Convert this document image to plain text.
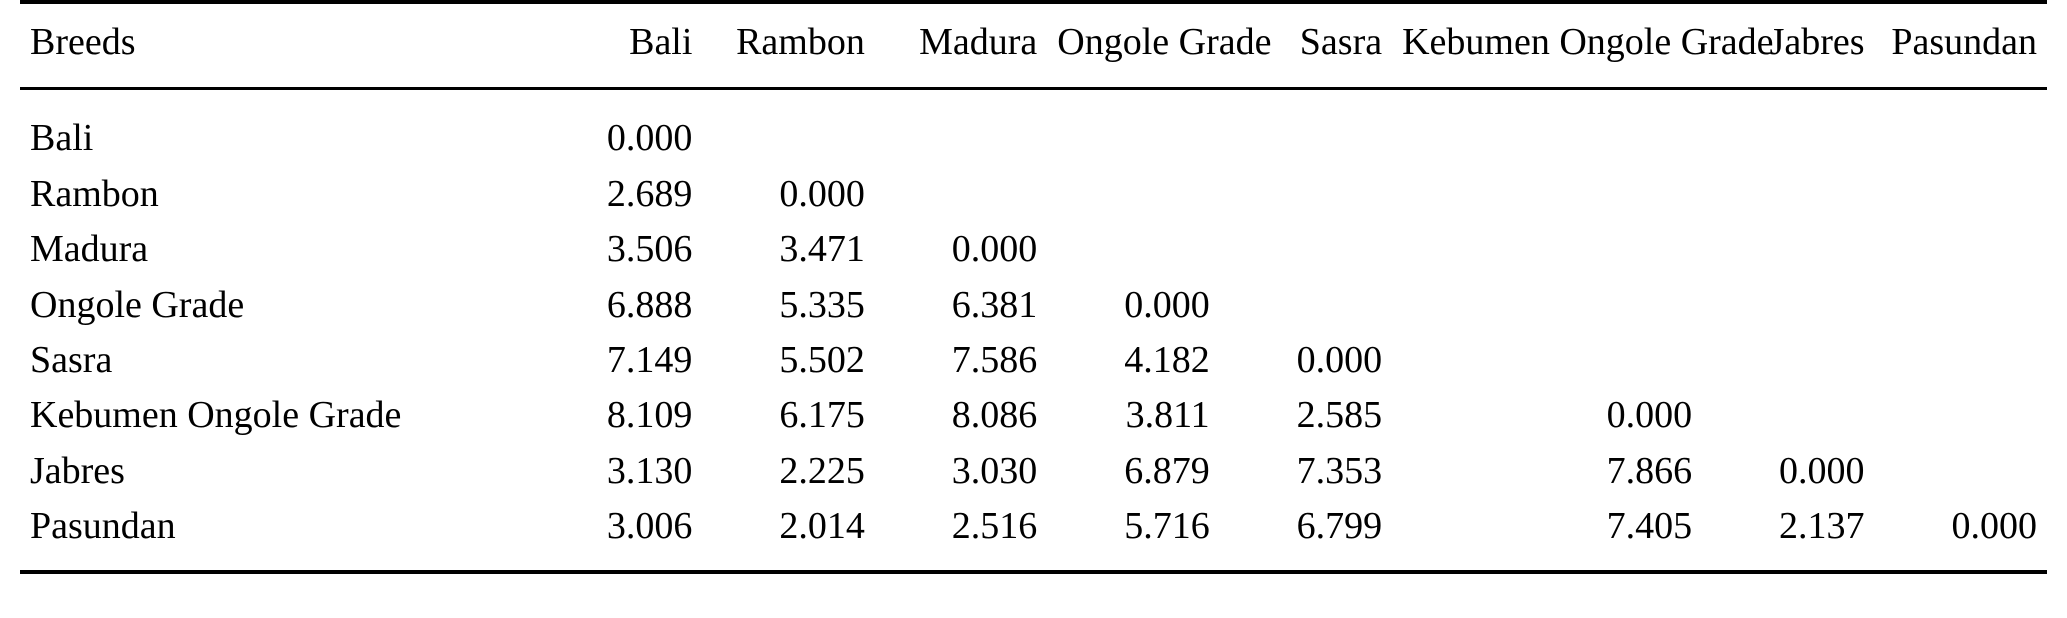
Breeds	Bali	Rambon	Madura	Ongole Grade	Sasra	Kebumen Ongole Grade	Jabres	Pasundan

Bali	0.000							
Rambon	2.689	0.000						
Madura	3.506	3.471	0.000					
Ongole Grade	6.888	5.335	6.381	0.000				
Sasra	7.149	5.502	7.586	4.182	0.000			
Kebumen Ongole Grade	8.109	6.175	8.086	3.811	2.585	0.000		
Jabres	3.130	2.225	3.030	6.879	7.353	7.866	0.000	
Pasundan	3.006	2.014	2.516	5.716	6.799	7.405	2.137	0.000
